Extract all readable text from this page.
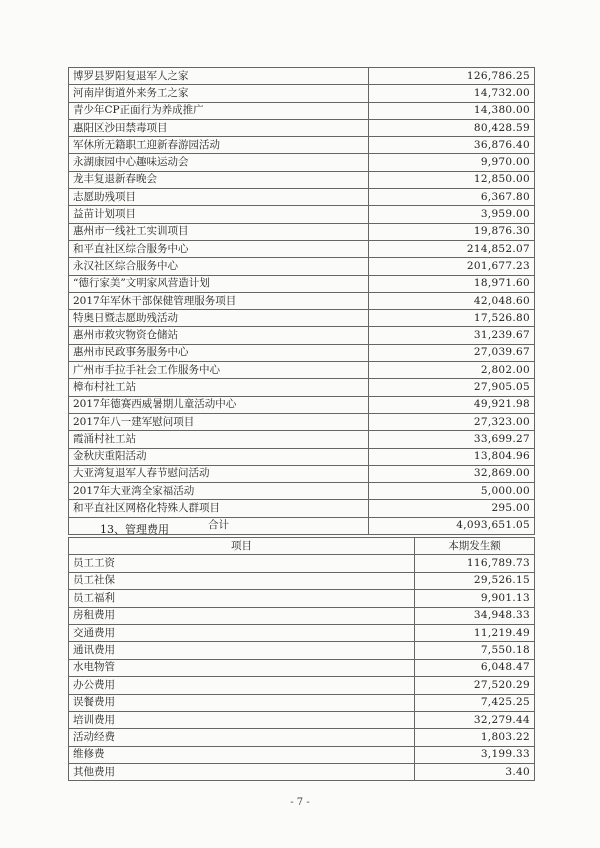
博罗县罗阳复退军人之家	126,786.25
河南岸街道外来务工之家	14,732.00
青少年CP正面行为养成推广	14,380.00
惠阳区沙田禁毒项目	80,428.59
军休所无籍职工迎新春游园活动	36,876.40
永湖康园中心趣味运动会	9,970.00
龙丰复退新春晚会	12,850.00
志愿助残项目	6,367.80
益苗计划项目	3,959.00
惠州市一线社工实训项目	19,876.30
和平直社区综合服务中心	214,852.07
永汉社区综合服务中心	201,677.23
“德行家美”文明家风营造计划	18,971.60
2017年军休干部保健管理服务项目	42,048.60
特奥日暨志愿助残活动	17,526.80
惠州市救灾物资仓储站	31,239.67
惠州市民政事务服务中心	27,039.67
广州市手拉手社会工作服务中心	2,802.00
樟布村社工站	27,905.05
2017年德赛西威暑期儿童活动中心	49,921.98
2017年八一建军慰问项目	27,323.00
霞涌村社工站	33,699.27
金秋庆重阳活动	13,804.96
大亚湾复退军人春节慰问活动	32,869.00
2017年大亚湾全家福活动	5,000.00
和平直社区网格化特殊人群项目	295.00
合计	4,093,651.05
13、管理费用
项目	本期发生额
员工工资	116,789.73
员工社保	29,526.15
员工福利	9,901.13
房租费用	34,948.33
交通费用	11,219.49
通讯费用	7,550.18
水电物管	6,048.47
办公费用	27,520.29
误餐费用	7,425.25
培训费用	32,279.44
活动经费	1,803.22
维修费	3,199.33
其他费用	3.40
- 7 -
